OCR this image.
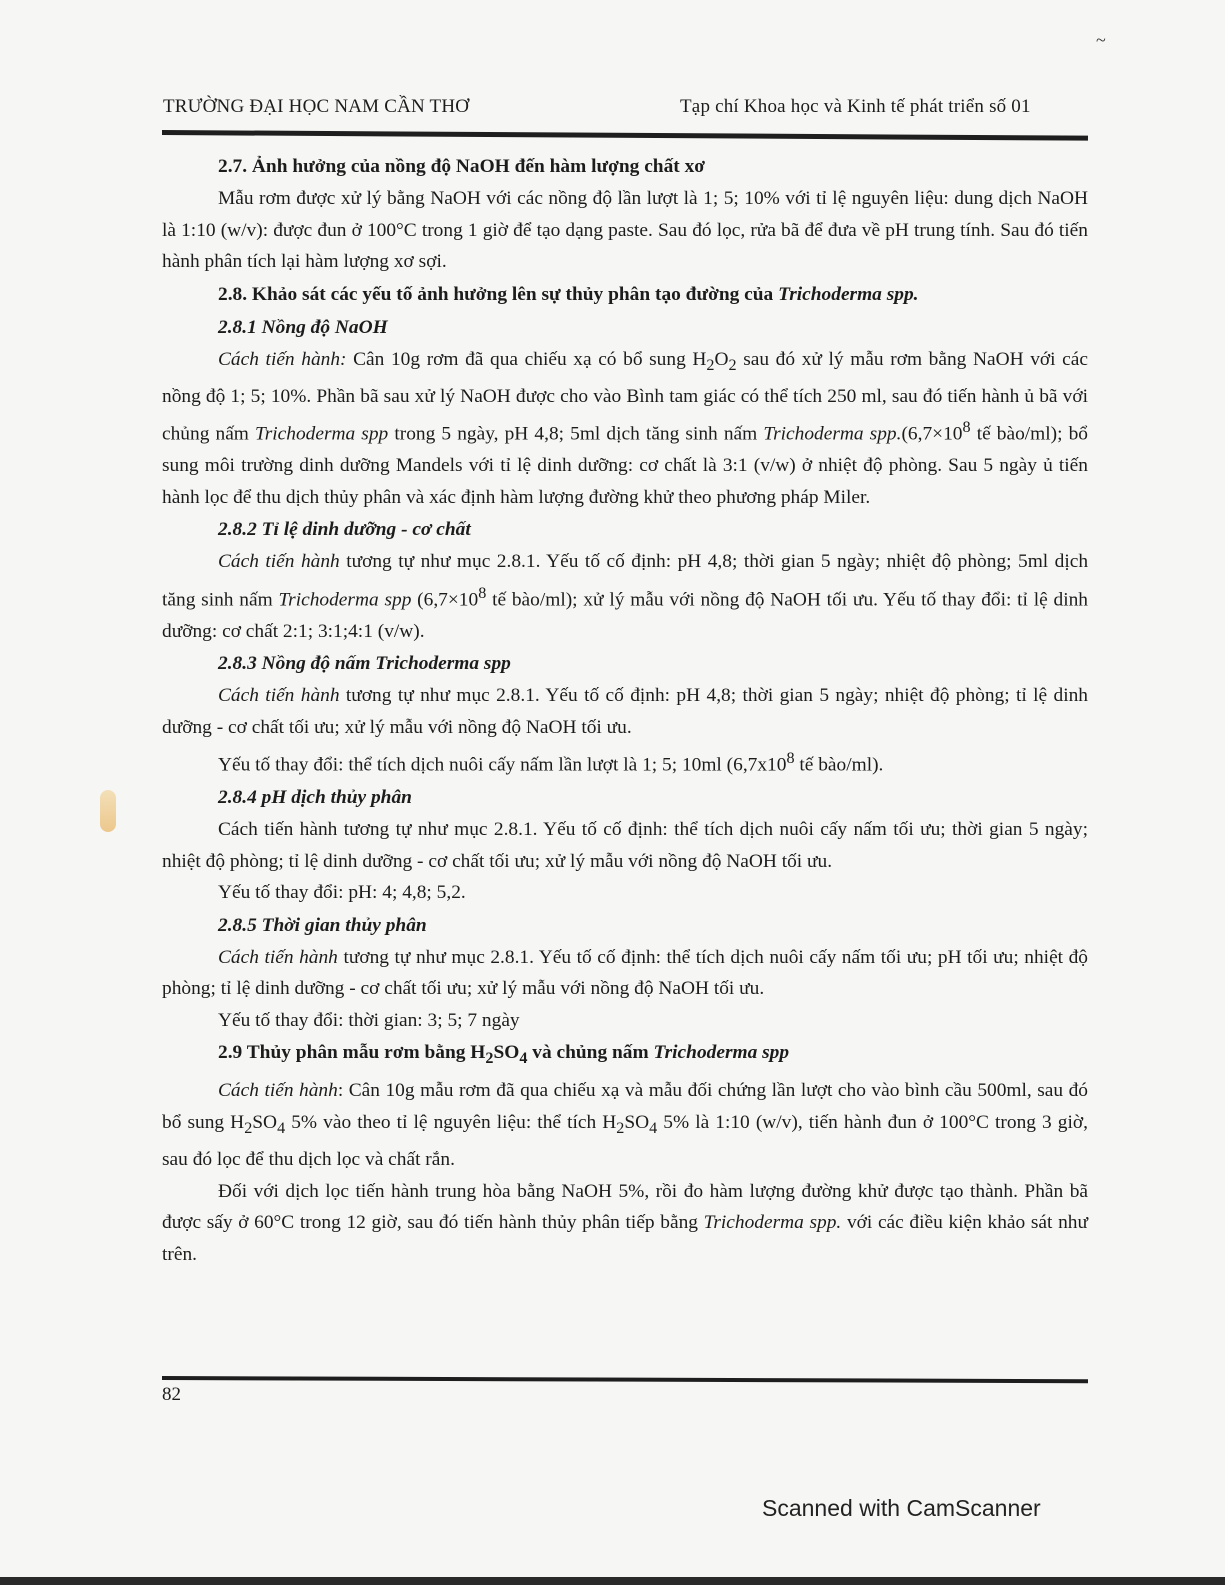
~
TRƯỜNG ĐẠI HỌC NAM CẦN THƠ	Tạp chí Khoa học và Kinh tế phát triển số 01
2.7. Ảnh hưởng của nồng độ NaOH đến hàm lượng chất xơ

Mẫu rơm được xử lý bằng NaOH với các nồng độ lần lượt là 1; 5; 10% với tỉ lệ nguyên liệu: dung dịch NaOH là 1:10 (w/v): được đun ở 100°C trong 1 giờ để tạo dạng paste. Sau đó lọc, rửa bã để đưa về pH trung tính. Sau đó tiến hành phân tích lại hàm lượng xơ sợi.

2.8. Khảo sát các yếu tố ảnh hưởng lên sự thủy phân tạo đường của Trichoderma spp.
2.8.1 Nồng độ NaOH

Cách tiến hành: Cân 10g rơm đã qua chiếu xạ có bổ sung $H_2O_2$ sau đó xử lý mẫu rơm bằng NaOH với các nồng độ 1; 5; 10%. Phần bã sau xử lý NaOH được cho vào Bình tam giác có thể tích 250 ml, sau đó tiến hành ủ bã với chủng nấm Trichoderma spp trong 5 ngày, pH 4,8; 5ml dịch tăng sinh nấm Trichoderma $spp.(6,7\times 10^8$ tế bào/ml); bổ sung môi trường dinh dưỡng Mandels với tỉ lệ dinh dưỡng: cơ chất là 3:1 (v/w) ở nhiệt độ phòng. Sau 5 ngày ủ tiến hành lọc để thu dịch thủy phân và xác định hàm lượng đường khử theo phương pháp Miler.

2.8.2 Tỉ lệ dinh dưỡng - cơ chất

Cách tiến hành tương tự như mục 2.8.1. Yếu tố cố định: pH 4,8; thời gian 5 ngày; nhiệt độ phòng; 5ml dịch tăng sinh nấm Trichoderma spp ($6,7\times 10^8$ tế bào/ml); xử lý mẫu với nồng độ NaOH tối ưu. Yếu tố thay đổi: tỉ lệ dinh dưỡng: cơ chất 2:1; 3:1;4:1 (v/w).

2.8.3 Nồng độ nấm Trichoderma spp

Cách tiến hành tương tự như mục 2.8.1. Yếu tố cố định: pH 4,8; thời gian 5 ngày; nhiệt độ phòng; tỉ lệ dinh dưỡng - cơ chất tối ưu; xử lý mẫu với nồng độ NaOH tối ưu.

Yếu tố thay đổi: thể tích dịch nuôi cấy nấm lần lượt là 1; 5; 10ml ($6,7x10^8$ tế bào/ml).

2.8.4 pH dịch thủy phân

Cách tiến hành tương tự như mục 2.8.1. Yếu tố cố định: thể tích dịch nuôi cấy nấm tối ưu; thời gian 5 ngày; nhiệt độ phòng; tỉ lệ dinh dưỡng - cơ chất tối ưu; xử lý mẫu với nồng độ NaOH tối ưu.

Yếu tố thay đổi: pH: 4; 4,8; 5,2.

2.8.5 Thời gian thủy phân

Cách tiến hành tương tự như mục 2.8.1. Yếu tố cố định: thể tích dịch nuôi cấy nấm tối ưu; pH tối ưu; nhiệt độ phòng; tỉ lệ dinh dưỡng - cơ chất tối ưu; xử lý mẫu với nồng độ NaOH tối ưu.

Yếu tố thay đổi: thời gian: 3; 5; 7 ngày

2.9 Thủy phân mẫu rơm bằng $H_2SO_4$ và chủng nấm Trichoderma spp

Cách tiến hành: Cân 10g mẫu rơm đã qua chiếu xạ và mẫu đối chứng lần lượt cho vào bình cầu 500ml, sau đó bổ sung $H_2SO_4$ 5% vào theo tỉ lệ nguyên liệu: thể tích $H_2SO_4$ 5% là 1:10 (w/v), tiến hành đun ở 100°C trong 3 giờ, sau đó lọc để thu dịch lọc và chất rắn.

Đối với dịch lọc tiến hành trung hòa bằng NaOH 5%, rồi đo hàm lượng đường khử được tạo thành. Phần bã được sấy ở 60°C trong 12 giờ, sau đó tiến hành thủy phân tiếp bằng Trichoderma spp. với các điều kiện khảo sát như trên.

82
Scanned with CamScanner
